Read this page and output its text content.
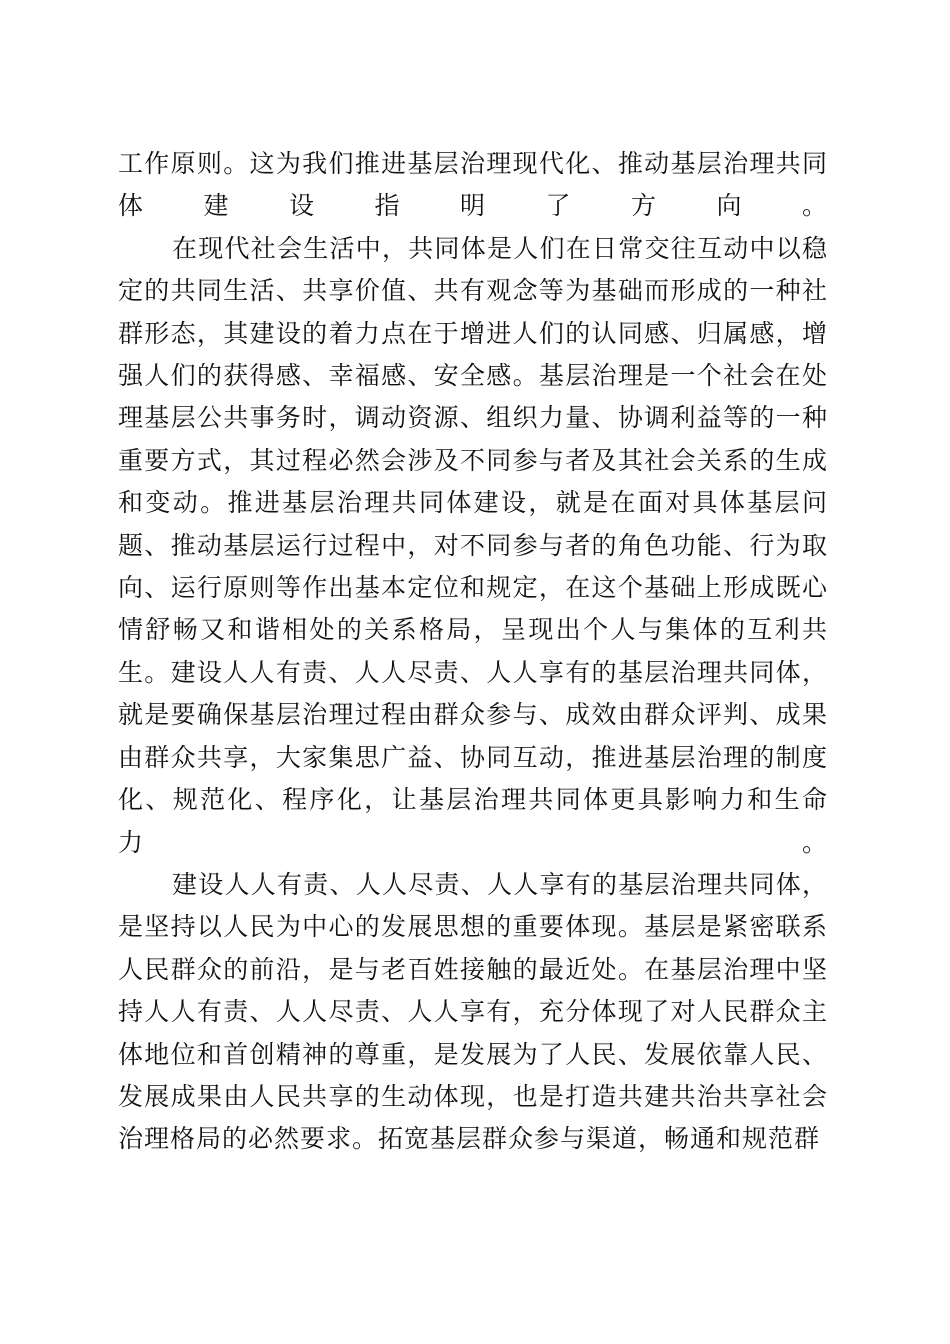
工作原则。这为我们推进基层治理现代化、推动基层治理共同体建设指明了方向。

在现代社会生活中，共同体是人们在日常交往互动中以稳定的共同生活、共享价值、共有观念等为基础而形成的一种社群形态，其建设的着力点在于增进人们的认同感、归属感，增强人们的获得感、幸福感、安全感。基层治理是一个社会在处理基层公共事务时，调动资源、组织力量、协调利益等的一种重要方式，其过程必然会涉及不同参与者及其社会关系的生成和变动。推进基层治理共同体建设，就是在面对具体基层问题、推动基层运行过程中，对不同参与者的角色功能、行为取向、运行原则等作出基本定位和规定，在这个基础上形成既心情舒畅又和谐相处的关系格局，呈现出个人与集体的互利共生。建设人人有责、人人尽责、人人享有的基层治理共同体，就是要确保基层治理过程由群众参与、成效由群众评判、成果由群众共享，大家集思广益、协同互动，推进基层治理的制度化、规范化、程序化，让基层治理共同体更具影响力和生命力。

建设人人有责、人人尽责、人人享有的基层治理共同体，是坚持以人民为中心的发展思想的重要体现。基层是紧密联系人民群众的前沿，是与老百姓接触的最近处。在基层治理中坚持人人有责、人人尽责、人人享有，充分体现了对人民群众主体地位和首创精神的尊重，是发展为了人民、发展依靠人民、发展成果由人民共享的生动体现，也是打造共建共治共享社会治理格局的必然要求。拓宽基层群众参与渠道，畅通和规范群
